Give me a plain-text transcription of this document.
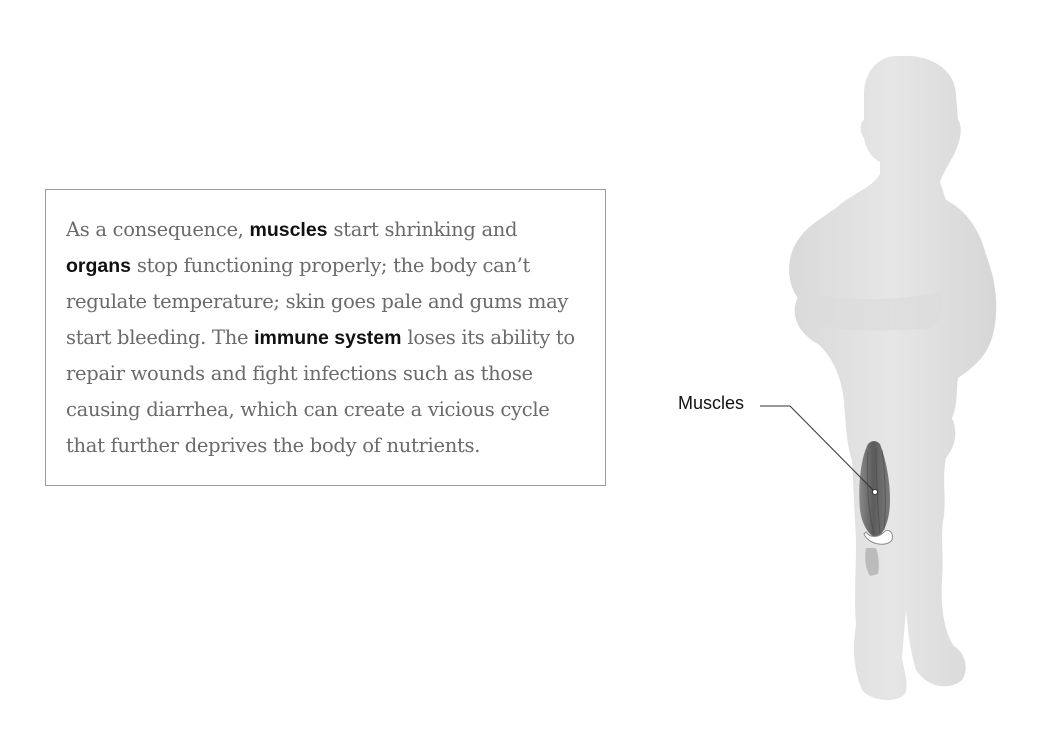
As a consequence, muscles start shrinking and organs stop functioning properly; the body can’t regulate temperature; skin goes pale and gums may start bleeding. The immune system loses its ability to repair wounds and fight infections such as those causing diarrhea, which can create a vicious cycle that further deprives the body of nutrients.

Muscles
